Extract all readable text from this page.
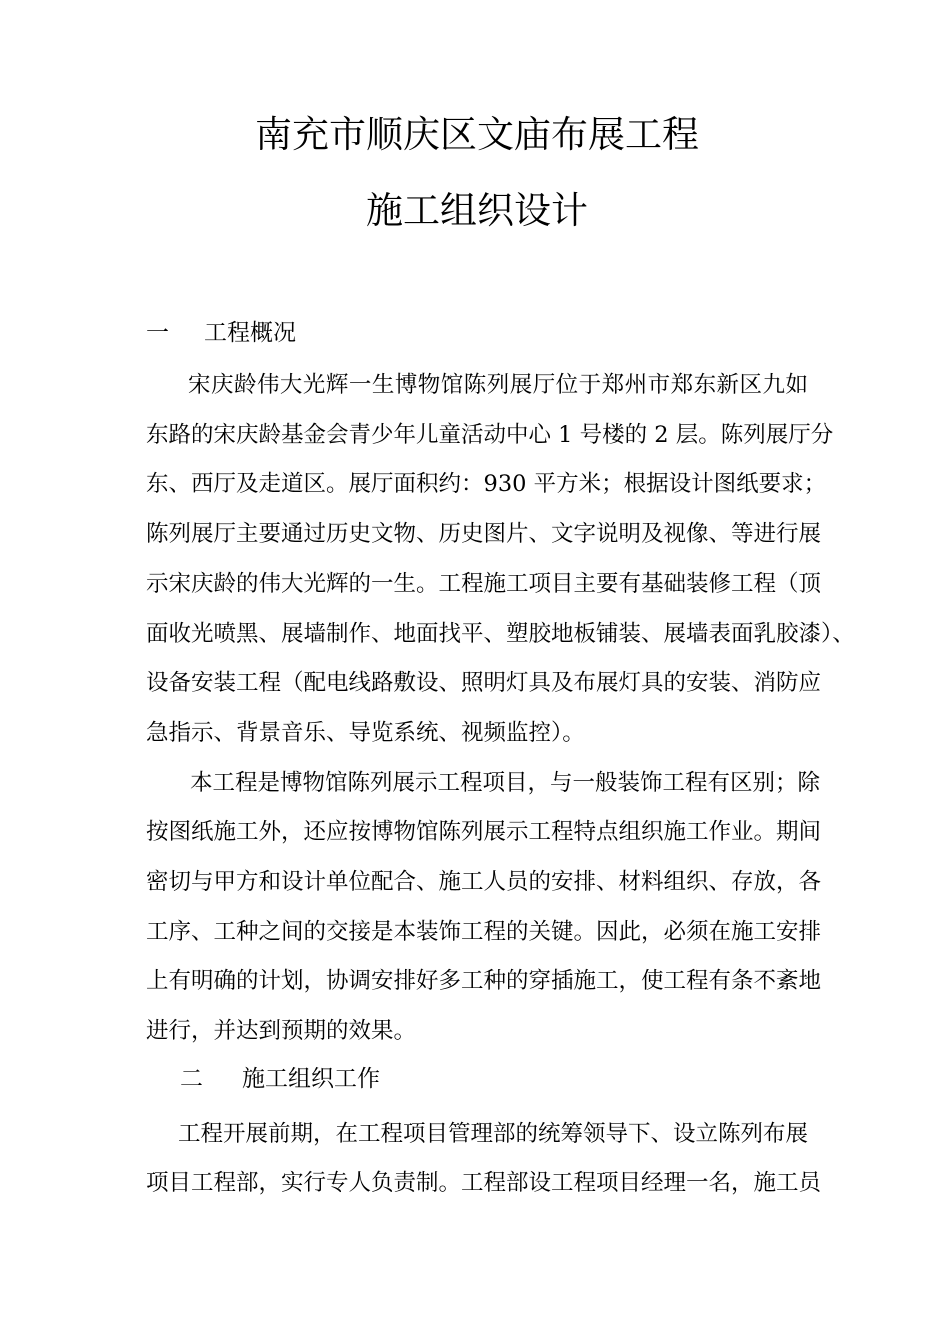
南充市顺庆区文庙布展工程
施工组织设计
一 工程概况
宋庆龄伟大光辉一生博物馆陈列展厅位于郑州市郑东新区九如
东路的宋庆龄基金会青少年儿童活动中心 1 号楼的 2 层。陈列展厅分
东、西厅及走道区。展厅面积约：930 平方米；根据设计图纸要求；
陈列展厅主要通过历史文物、历史图片、文字说明及视像、等进行展
示宋庆龄的伟大光辉的一生。工程施工项目主要有基础装修工程（顶
面收光喷黑、展墙制作、地面找平、塑胶地板铺装、展墙表面乳胶漆）、
设备安装工程（配电线路敷设、照明灯具及布展灯具的安装、消防应
急指示、背景音乐、导览系统、视频监控）。
本工程是博物馆陈列展示工程项目，与一般装饰工程有区别；除
按图纸施工外，还应按博物馆陈列展示工程特点组织施工作业。期间
密切与甲方和设计单位配合、施工人员的安排、材料组织、存放，各
工序、工种之间的交接是本装饰工程的关键。因此，必须在施工安排
上有明确的计划，协调安排好多工种的穿插施工，使工程有条不紊地
进行，并达到预期的效果。
二 施工组织工作
工程开展前期，在工程项目管理部的统筹领导下、设立陈列布展
项目工程部，实行专人负责制。工程部设工程项目经理一名，施工员
